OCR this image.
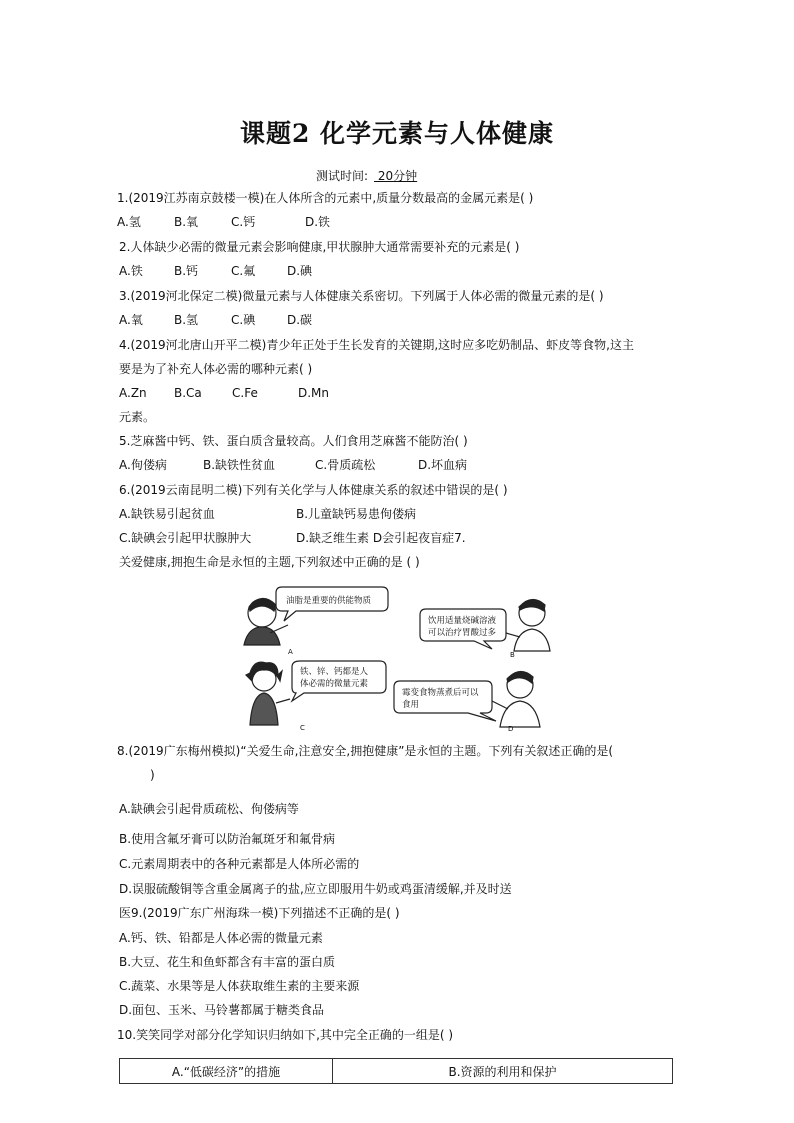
课题2 化学元素与人体健康
测试时间: 20分钟
1.(2019江苏南京鼓楼一模)在人体所含的元素中,质量分数最高的金属元素是( )
A.氢	B.氧	C.钙	D.铁
2.人体缺少必需的微量元素会影响健康,甲状腺肿大通常需要补充的元素是( )
A.铁	B.钙	C.氟	D.碘
3.(2019河北保定二模)微量元素与人体健康关系密切。下列属于人体必需的微量元素的是( )
A.氧	B.氢	C.碘	D.碳
4.(2019河北唐山开平二模)青少年正处于生长发育的关键期,这时应多吃奶制品、虾皮等食物,这主
要是为了补充人体必需的哪种元素( )
A.Zn B.Ca	C.Fe	D.Mn
元素。
5.芝麻酱中钙、铁、蛋白质含量较高。人们食用芝麻酱不能防治( )
A.佝偻病	B.缺铁性贫血	C.骨质疏松	D.坏血病
6.(2019云南昆明二模)下列有关化学与人体健康关系的叙述中错误的是( )
A.缺铁易引起贫血	B.儿童缺钙易患佝偻病
C.缺碘会引起甲状腺肿大	D.缺乏维生素 D会引起夜盲症7.
关爱健康,拥抱生命是永恒的主题,下列叙述中正确的是 ( )
油脂是重要的供能物质
饮用适量烧碱溶液
可以治疗胃酸过多
铁、锌、钙都是人
体必需的微量元素
霉变食物蒸煮后可以
食用
A	B
C	D
8.(2019广东梅州模拟)“关爱生命,注意安全,拥抱健康”是永恒的主题。下列有关叙述正确的是(
)
A.缺碘会引起骨质疏松、佝偻病等
B.使用含氟牙膏可以防治氟斑牙和氟骨病
C.元素周期表中的各种元素都是人体所必需的
D.误服硫酸铜等含重金属离子的盐,应立即服用牛奶或鸡蛋清缓解,并及时送
医9.(2019广东广州海珠一模)下列描述不正确的是( )
A.钙、铁、铅都是人体必需的微量元素
B.大豆、花生和鱼虾都含有丰富的蛋白质
C.蔬菜、水果等是人体获取维生素的主要来源
D.面包、玉米、马铃薯都属于糖类食品
10.笑笑同学对部分化学知识归纳如下,其中完全正确的一组是( )
A.“低碳经济”的措施	B.资源的利用和保护
